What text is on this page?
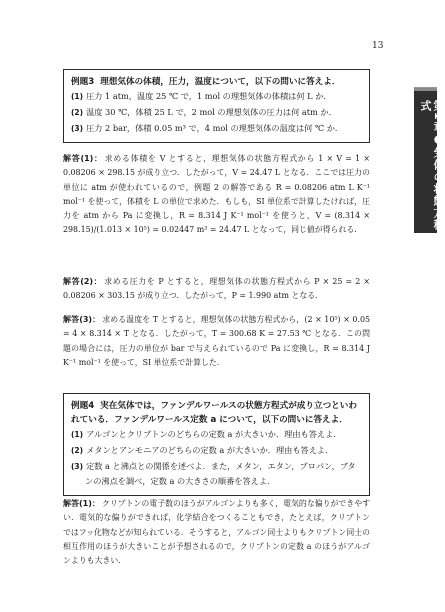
13
第1章●気体の状態方程式

例題3 理想気体の体積，圧力，温度について，以下の問いに答えよ．

(1) 圧力 1 atm，温度 25 ℃ で，1 mol の理想気体の体積は何 L か．

(2) 温度 30 ℃，体積 25 L で，2 mol の理想気体の圧力は何 atm か．

(3) 圧力 2 bar，体積 0.05 m³ で，4 mol の理想気体の温度は何 ℃ か．

解答(1)： 求める体積を V とすると，理想気体の状態方程式から 1 × V = 1 × 0.08206 × 298.15 が成り立つ．したがって，V = 24.47 L となる．ここでは圧力の単位に atm が使われているので，例題 2 の解答である R = 0.08206 atm L K⁻¹ mol⁻¹ を使って，体積を L の単位で求めた．もしも，SI 単位系で計算したければ，圧力を atm から Pa に変換し，R = 8.314 J K⁻¹ mol⁻¹ を使うと，V = (8.314 × 298.15)/(1.013 × 10⁵) = 0.02447 m³ = 24.47 L となって，同じ値が得られる．

解答(2)： 求める圧力を P とすると，理想気体の状態方程式から P × 25 = 2 × 0.08206 × 303.15 が成り立つ．したがって，P = 1.990 atm となる．

解答(3)： 求める温度を T とすると，理想気体の状態方程式から，(2 × 10⁵) × 0.05 = 4 × 8.314 × T となる．したがって，T = 300.68 K = 27.53 ℃ となる．この問題の場合には，圧力の単位が bar で与えられているので Pa に変換し，R = 8.314 J K⁻¹ mol⁻¹ を使って，SI 単位系で計算した．

例題4 実在気体では，ファンデルワールスの状態方程式が成り立つといわれている．ファンデルワールス定数 a について，以下の問いに答えよ．

(1) アルゴンとクリプトンのどちらの定数 a が大きいか．理由も答えよ．

(2) メタンとアンモニアのどちらの定数 a が大きいか．理由も答えよ．

(3) 定数 a と沸点との関係を述べよ．また，メタン，エタン，プロパン，ブタンの沸点を調べ，定数 a の大きさの順番を答えよ．

解答(1)： クリプトンの電子数のほうがアルゴンよりも多く，電気的な偏りができやすい．電気的な偏りができれば，化学結合をつくることもでき，たとえば，クリプトンではフッ化物などが知られている．そうすると，アルゴン同士よりもクリプトン同士の相互作用のほうが大きいことが予想されるので，クリプトンの定数 a のほうがアルゴンよりも大きい．
